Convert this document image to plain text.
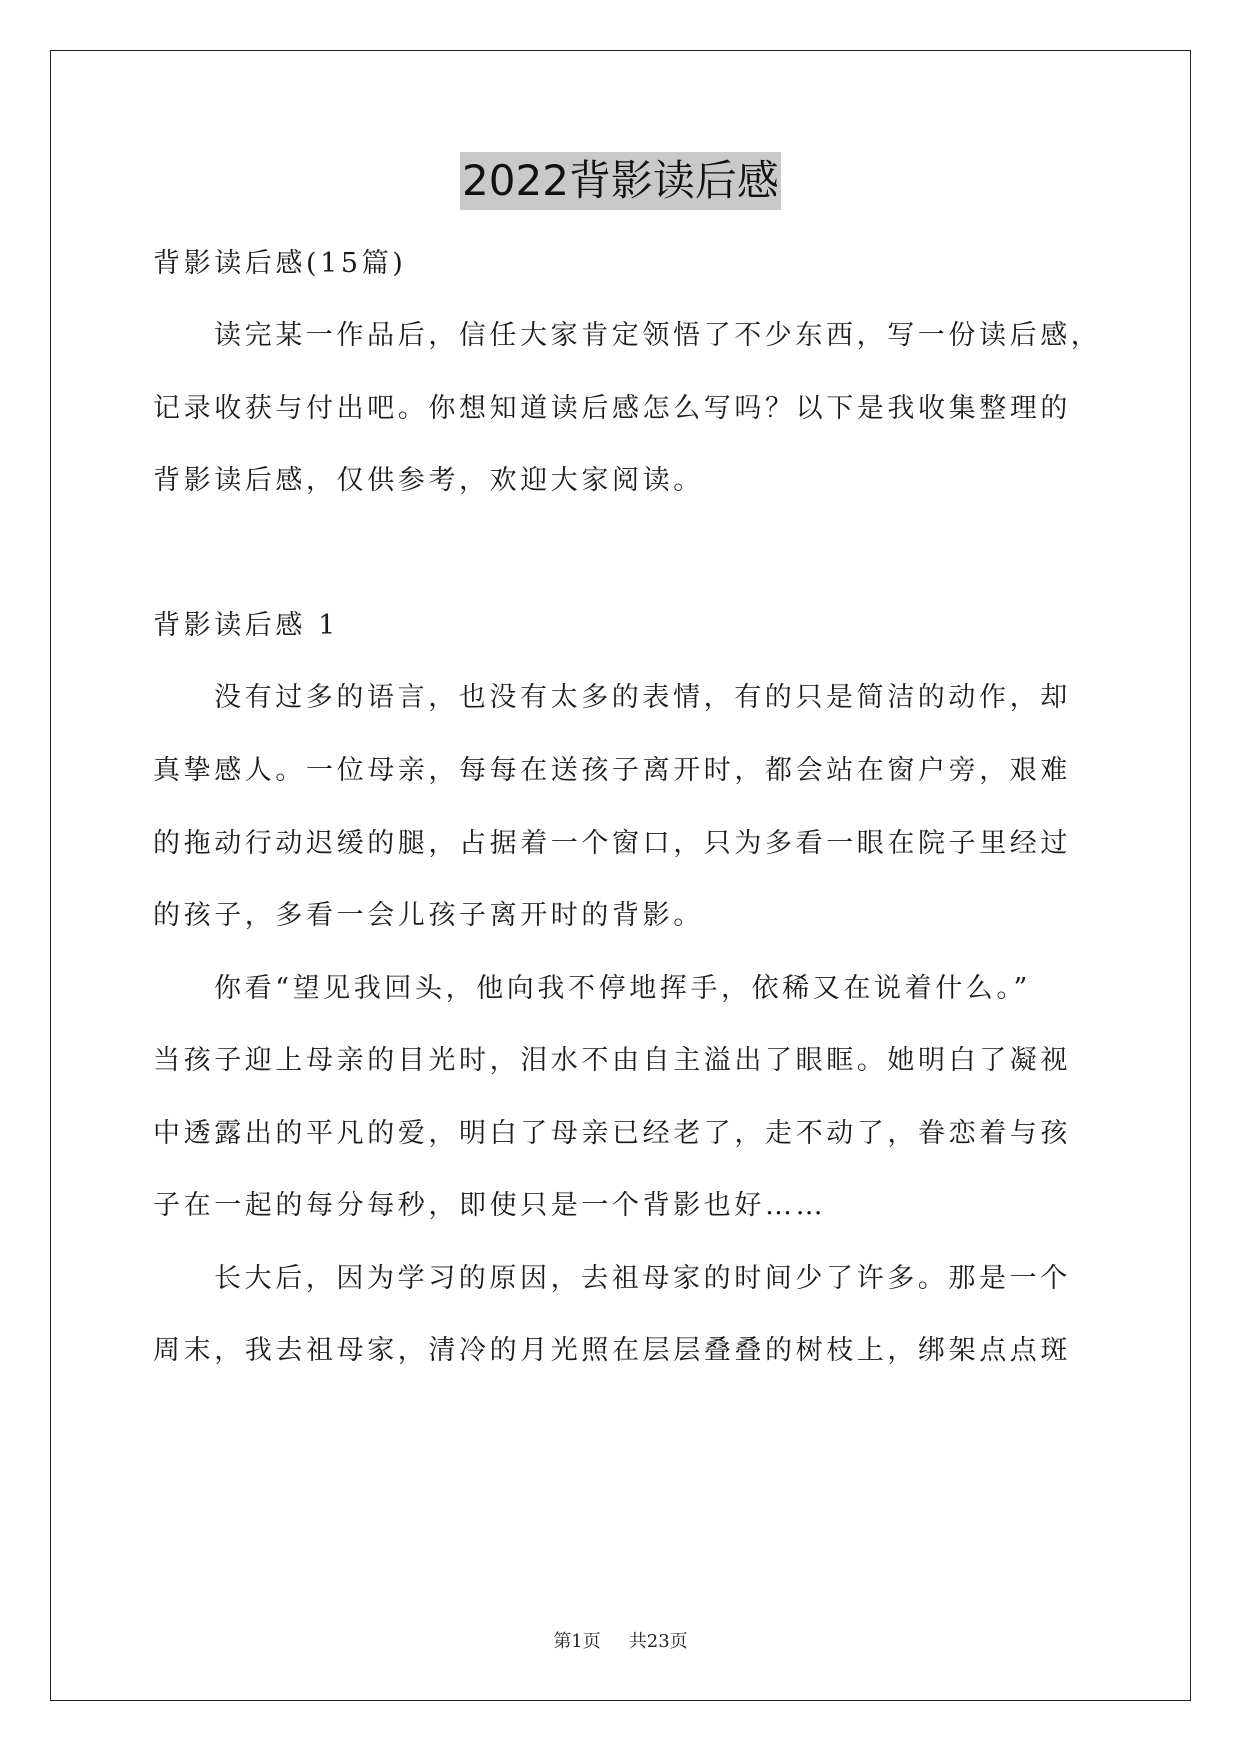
2022背影读后感
背影读后感(15篇)
读完某一作品后，信任大家肯定领悟了不少东西，写一份读后感，
记录收获与付出吧。你想知道读后感怎么写吗？以下是我收集整理的
背影读后感，仅供参考，欢迎大家阅读。
背影读后感 1
没有过多的语言，也没有太多的表情，有的只是简洁的动作，却
真挚感人。一位母亲，每每在送孩子离开时，都会站在窗户旁，艰难
的拖动行动迟缓的腿，占据着一个窗口，只为多看一眼在院子里经过
的孩子，多看一会儿孩子离开时的背影。
你看“望见我回头，他向我不停地挥手，依稀又在说着什么。”
当孩子迎上母亲的目光时，泪水不由自主溢出了眼眶。她明白了凝视
中透露出的平凡的爱，明白了母亲已经老了，走不动了，眷恋着与孩
子在一起的每分每秒，即使只是一个背影也好……
长大后，因为学习的原因，去祖母家的时间少了许多。那是一个
周末，我去祖母家，清冷的月光照在层层叠叠的树枝上，绑架点点斑
第1页 共23页
